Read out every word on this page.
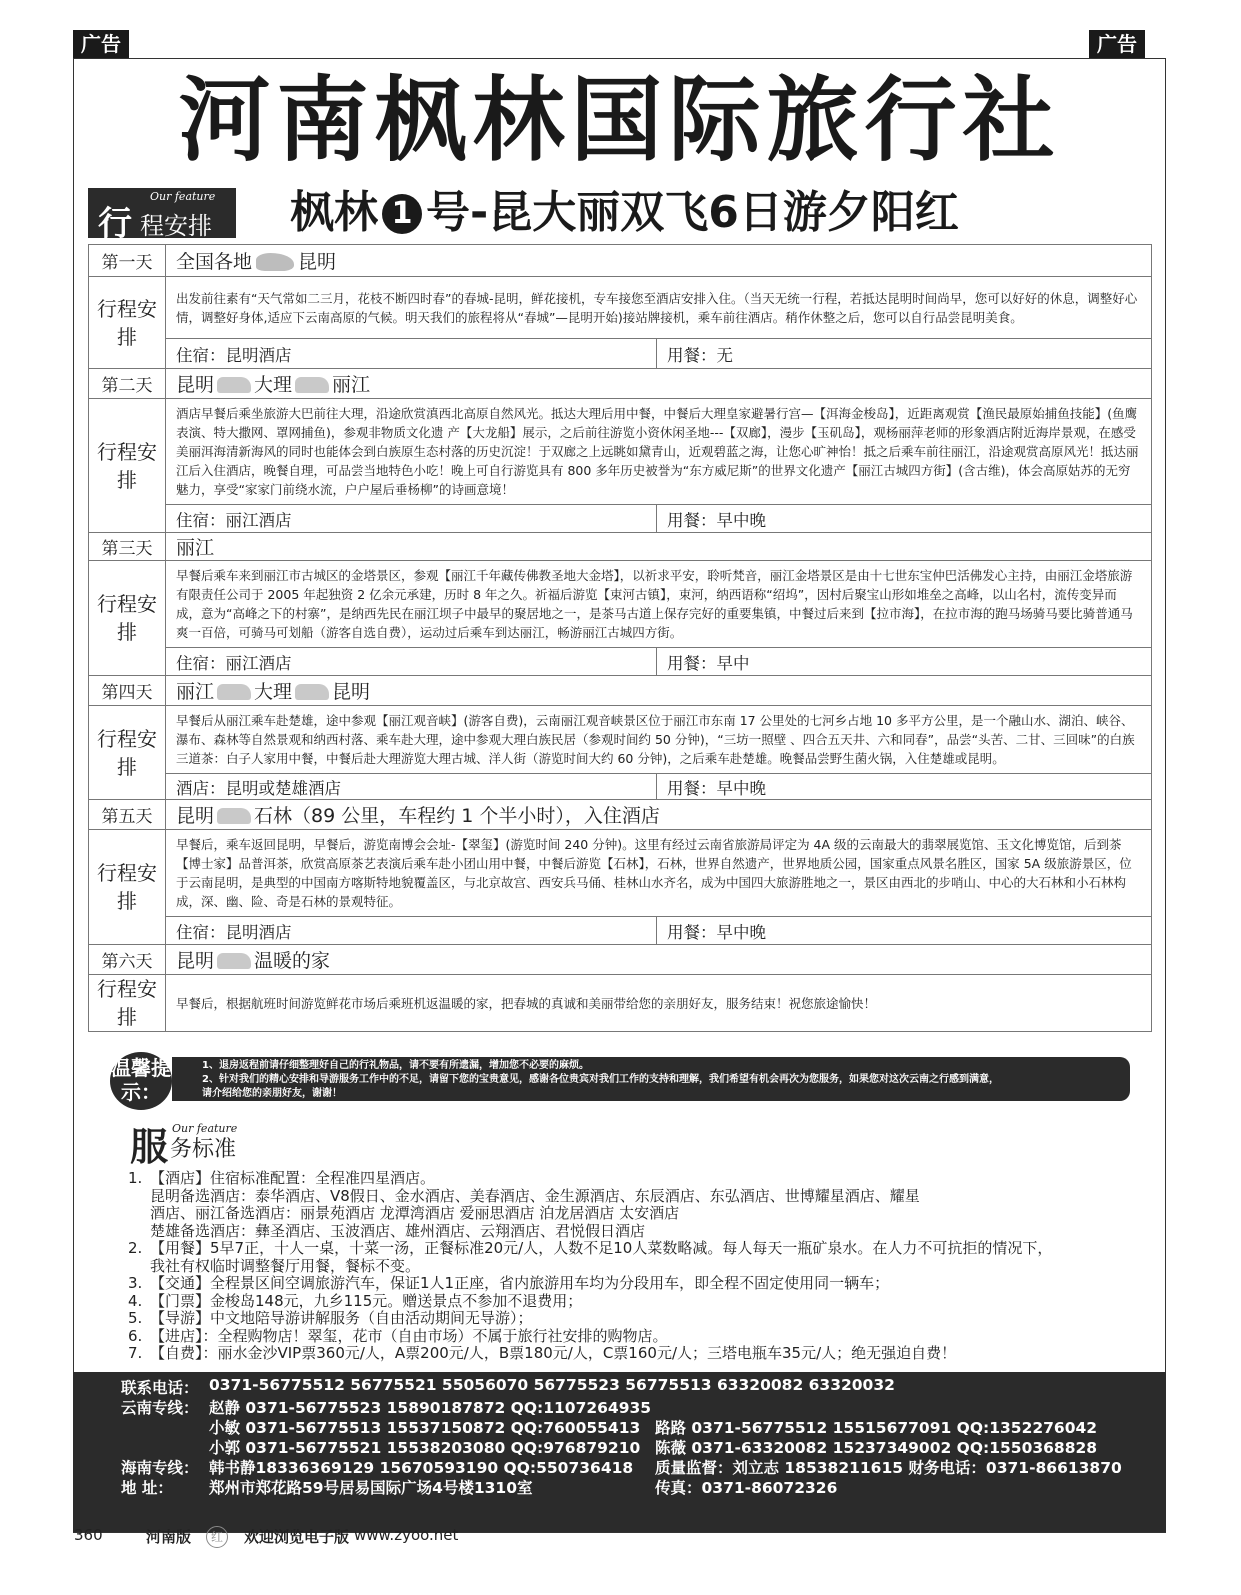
广告	广告
河南枫林国际旅行社
行
Our feature
程安排 枫林 1 号-昆大丽双飞6日游夕阳红
第一天	全国各地 昆明	
行程安排	出发前往素有“天气常如二三月，花枝不断四时春”的春城-昆明，鲜花接机，专车接您至酒店安排入住。（当天无统一行程，若抵达昆明时间尚早，您可以好好的休息，调整好心情，调整好身体,适应下云南高原的气候。明天我们的旅程将从“春城”—昆明开始)接站牌接机，乘车前往酒店。稍作休整之后，您可以自行品尝昆明美食。	
	住宿：昆明酒店	用餐：无
第二天	昆明 大理 丽江	
行程安排	酒店早餐后乘坐旅游大巴前往大理，沿途欣赏滇西北高原自然风光。抵达大理后用中餐，中餐后大理皇家避暑行宫—【洱海金梭岛】，近距离观赏【渔民最原始捕鱼技能】(鱼鹰表演、特大撒网、罩网捕鱼)，参观非物质文化遗 产【大龙船】展示，之后前往游览小资休闲圣地---【双廊】，漫步【玉矶岛】，观杨丽萍老师的形象酒店附近海岸景观，在感受美丽洱海清新海风的同时也能体会到白族原生态村落的历史沉淀！于双廊之上远眺如黛青山，近观碧蓝之海，让您心旷神怡！抵之后乘车前往丽江，沿途观赏高原风光！抵达丽江后入住酒店，晚餐自理，可品尝当地特色小吃！晚上可自行游览具有 800 多年历史被誉为“东方威尼斯”的世界文化遗产【丽江古城四方街】(含古维)，体会高原姑苏的无穷魅力，享受“家家门前绕水流，户户屋后垂杨柳”的诗画意境！	
	住宿：丽江酒店	用餐：早中晚
第三天	丽江	
行程安排	早餐后乘车来到丽江市古城区的金塔景区，参观【丽江千年藏传佛教圣地大金塔】，以祈求平安，聆听梵音，丽江金塔景区是由十七世东宝仲巴活佛发心主持，由丽江金塔旅游有限责任公司于 2005 年起独资 2 亿余元承建，历时 8 年之久。祈福后游览【束河古镇】，束河，纳西语称“绍坞”，因村后聚宝山形如堆垒之高峰，以山名村，流传变异而成，意为“高峰之下的村寨”，是纳西先民在丽江坝子中最早的聚居地之一，是茶马古道上保存完好的重要集镇，中餐过后来到【拉市海】，在拉市海的跑马场骑马要比骑普通马爽一百倍，可骑马可划船（游客自选自费），运动过后乘车到达丽江，畅游丽江古城四方街。	
	住宿：丽江酒店	用餐：早中
第四天	丽江 大理 昆明	
行程安排	早餐后从丽江乘车赴楚雄，途中参观【丽江观音峡】(游客自费)，云南丽江观音峡景区位于丽江市东南 17 公里处的七河乡占地 10 多平方公里，是一个融山水、湖泊、峡谷、瀑布、森林等自然景观和纳西村落、乘车赴大理，途中参观大理白族民居（参观时间约 50 分钟)，“三坊一照壁 、四合五天井、六和同春”，品尝“头苦、二甘、三回味”的白族三道茶：白子人家用中餐，中餐后赴大理游览大理古城、洋人街（游览时间大约 60 分钟)，之后乘车赴楚雄。晚餐品尝野生菌火锅，入住楚雄或昆明。	
	酒店：昆明或楚雄酒店	用餐：早中晚
第五天	昆明 石林（89 公里，车程约 1 个半小时），入住酒店	
行程安排	早餐后，乘车返回昆明，早餐后，游览南博会会址-【翠玺】(游览时间 240 分钟)。这里有经过云南省旅游局评定为 4A 级的云南最大的翡翠展览馆、玉文化博览馆，后到茶【博士家】品普洱茶，欣赏高原茶艺表演后乘车赴小团山用中餐，中餐后游览【石林】，石林，世界自然遗产，世界地质公园，国家重点风景名胜区，国家 5A 级旅游景区，位于云南昆明，是典型的中国南方喀斯特地貌覆盖区，与北京故宫、西安兵马俑、桂林山水齐名，成为中国四大旅游胜地之一，景区由西北的步哨山、中心的大石林和小石林构成，深、幽、险、奇是石林的景观特征。	
	住宿：昆明酒店	用餐：早中晚
第六天	昆明 温暖的家	
行程安排	早餐后，根据航班时间游览鲜花市场后乘班机返温暖的家，把春城的真诚和美丽带给您的亲朋好友，服务结束！祝您旅途愉快！	
温馨提示：
1、退房返程前请仔细整理好自己的行礼物品，请不要有所遗漏，增加您不必要的麻烦。
2、针对我们的精心安排和导游服务工作中的不足，请留下您的宝贵意见，感谢各位贵宾对我们工作的支持和理解，我们希望有机会再次为您服务，如果您对这次云南之行感到满意，
请介绍给您的亲朋好友，谢谢！
服 Our feature
务标准
1. 【酒店】住宿标准配置：全程准四星酒店。
昆明备选酒店：泰华酒店、V8假日、金水酒店、美春酒店、金生源酒店、东辰酒店、东弘酒店、世博耀星酒店、耀星
酒店、丽江备选酒店：丽景苑酒店 龙潭湾酒店 爱丽思酒店 泊龙居酒店 太安酒店
楚雄备选酒店：彝圣酒店、玉波酒店、雄州酒店、云翔酒店、君悦假日酒店
2. 【用餐】5早7正，十人一桌，十菜一汤，正餐标准20元/人，人数不足10人菜数略减。每人每天一瓶矿泉水。在人力不可抗拒的情况下，
我社有权临时调整餐厅用餐，餐标不变。
3. 【交通】全程景区间空调旅游汽车，保证1人1正座，省内旅游用车均为分段用车，即全程不固定使用同一辆车；
4. 【门票】金梭岛148元，九乡115元。赠送景点不参加不退费用；
5. 【导游】中文地陪导游讲解服务（自由活动期间无导游）；
6. 【进店】：全程购物店！翠玺，花市（自由市场）不属于旅行社安排的购物店。
7. 【自费】：丽水金沙VIP票360元/人，A票200元/人，B票180元/人，C票160元/人；三塔电瓶车35元/人；绝无强迫自费！
联系电话： 0371-56775512 56775521 55056070 56775523 56775513 63320082 63320032
云南专线： 赵静 0371-56775523 15890187872 QQ:1107264935
小敏 0371-56775513 15537150872 QQ:760055413 路路 0371-56775512 15515677091 QQ:1352276042
小郭 0371-56775521 15538203080 QQ:976879210 陈薇 0371-63320082 15237349002 QQ:1550368828
海南专线： 韩书静18336369129 15670593190 QQ:550736418 质量监督：刘立志 18538211615 财务电话：0371-86613870
地 址： 郑州市郑花路59号居易国际广场4号楼1310室	传真：0371-86072326
360	河南版	红	欢迎浏览电子版 www.zyoo.net
